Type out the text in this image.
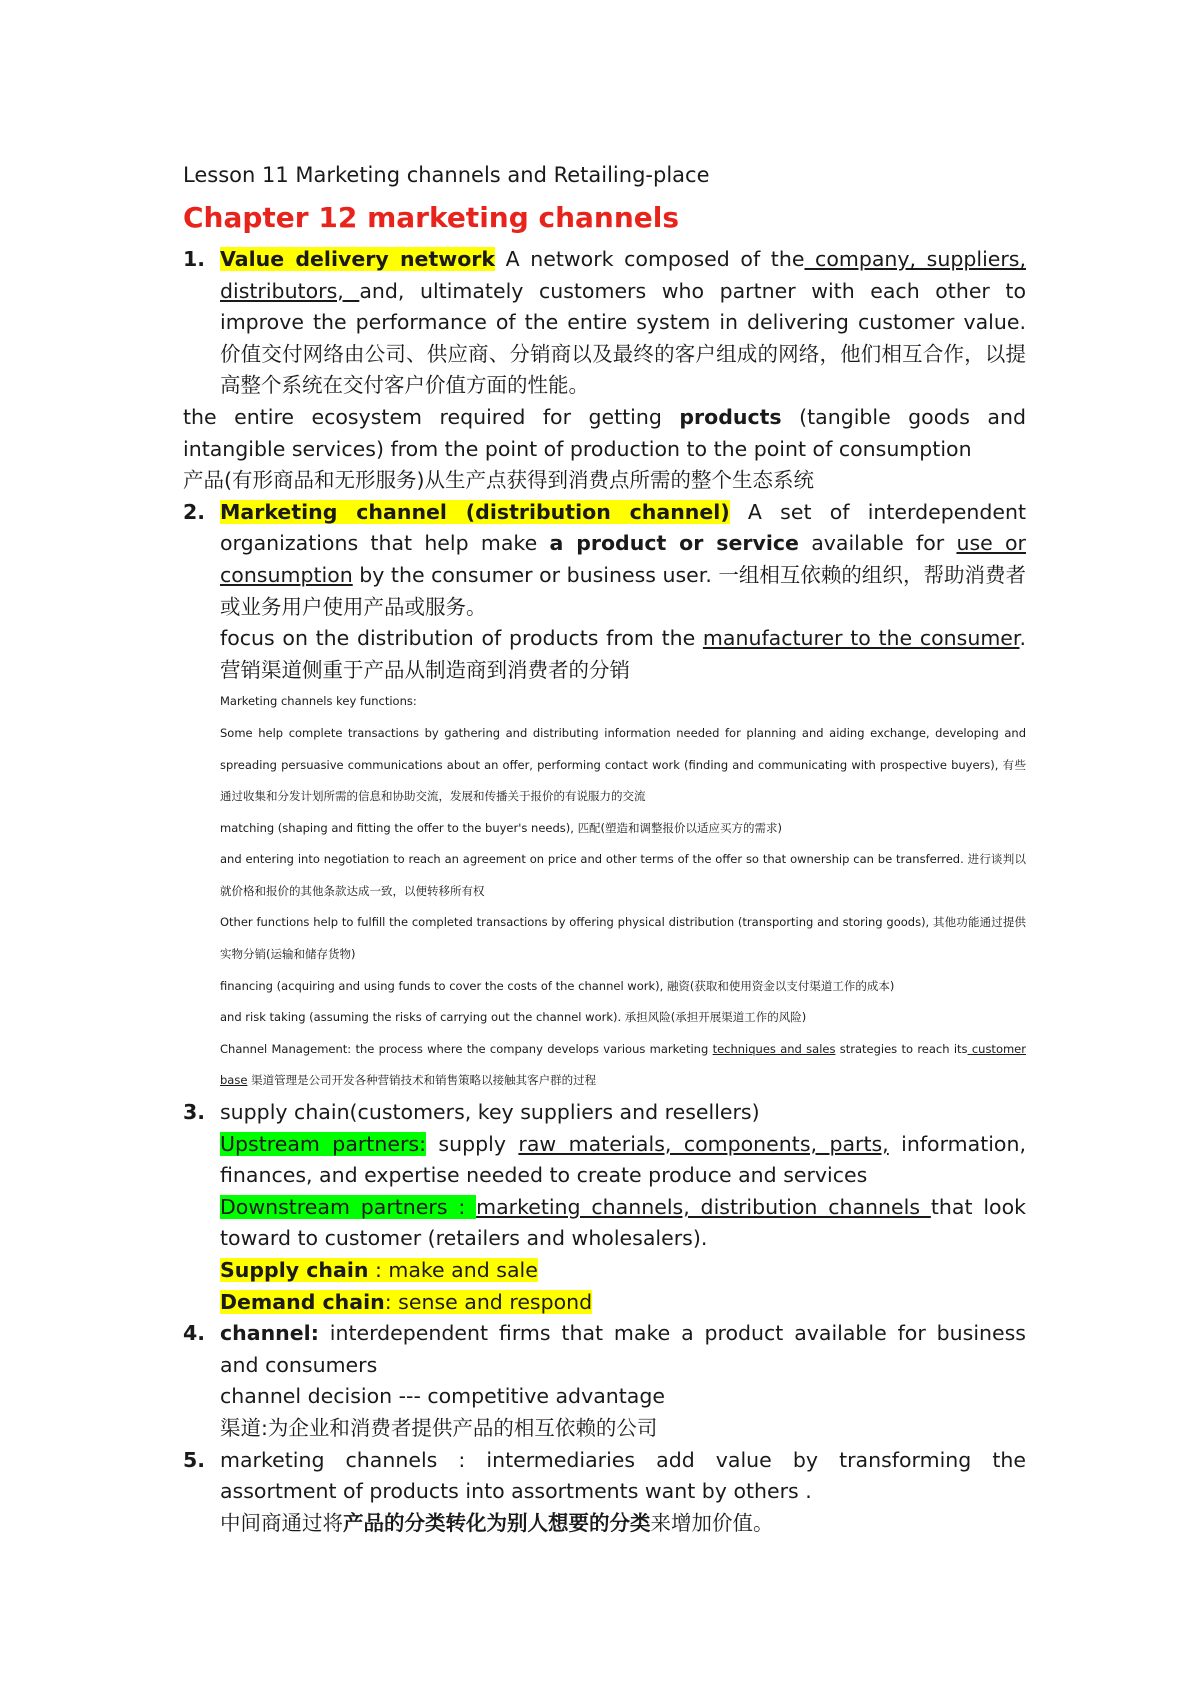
Lesson 11 Marketing channels and Retailing-place
Chapter 12 marketing channels
1. Value delivery network A network composed of the company, suppliers, distributors, and, ultimately customers who partner with each other to improve the performance of the entire system in delivering customer value. 价值交付网络由公司、供应商、分销商以及最终的客户组成的网络，他们相互合作，以提高整个系统在交付客户价值方面的性能。
the entire ecosystem required for getting products (tangible goods and intangible services) from the point of production to the point of consumption
产品(有形商品和无形服务)从生产点获得到消费点所需的整个生态系统
2. Marketing channel (distribution channel) A set of interdependent organizations that help make a product or service available for use or consumption by the consumer or business user. 一组相互依赖的组织，帮助消费者或业务用户使用产品或服务。
focus on the distribution of products from the manufacturer to the consumer. 营销渠道侧重于产品从制造商到消费者的分销
Marketing channels key functions:
Some help complete transactions by gathering and distributing information needed for planning and aiding exchange, developing and spreading persuasive communications about an offer, performing contact work (finding and communicating with prospective buyers), 有些通过收集和分发计划所需的信息和协助交流，发展和传播关于报价的有说服力的交流
matching (shaping and fitting the offer to the buyer's needs), 匹配(塑造和调整报价以适应买方的需求)
and entering into negotiation to reach an agreement on price and other terms of the offer so that ownership can be transferred. 进行谈判以就价格和报价的其他条款达成一致，以便转移所有权
Other functions help to fulfill the completed transactions by offering physical distribution (transporting and storing goods), 其他功能通过提供实物分销(运输和储存货物)
financing (acquiring and using funds to cover the costs of the channel work), 融资(获取和使用资金以支付渠道工作的成本)
and risk taking (assuming the risks of carrying out the channel work). 承担风险(承担开展渠道工作的风险)
Channel Management: the process where the company develops various marketing techniques and sales strategies to reach its customer base 渠道管理是公司开发各种营销技术和销售策略以接触其客户群的过程
3. supply chain(customers, key suppliers and resellers)
Upstream partners: supply raw materials, components, parts, information, finances, and expertise needed to create produce and services
Downstream partners : marketing channels, distribution channels that look toward to customer (retailers and wholesalers).
Supply chain : make and sale
Demand chain: sense and respond
4. channel: interdependent firms that make a product available for business and consumers
channel decision --- competitive advantage
渠道:为企业和消费者提供产品的相互依赖的公司
5. marketing channels : intermediaries add value by transforming the assortment of products into assortments want by others .
中间商通过将产品的分类转化为别人想要的分类来增加价值。
